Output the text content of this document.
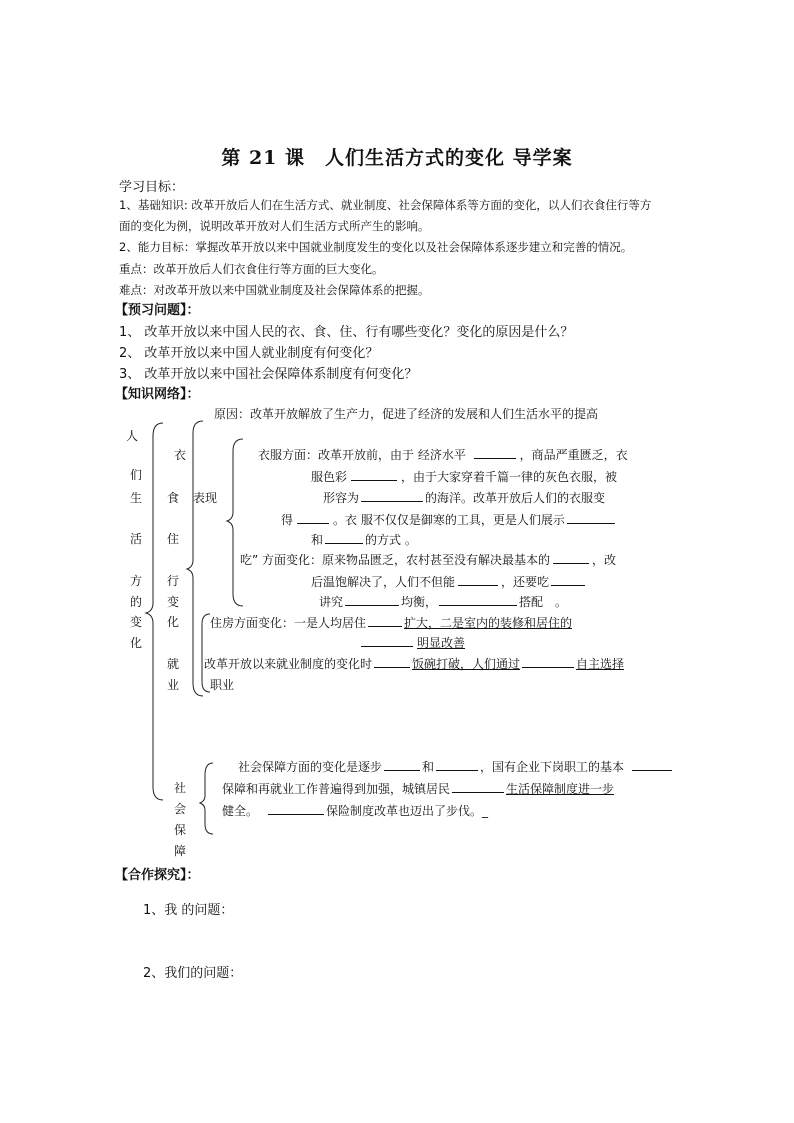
第 21 课　人们生活方式的变化 导学案
学习目标：
1、基础知识: 改革开放后人们在生活方式、就业制度、社会保障体系等方面的变化，以人们衣食住行等方
面的变化为例，说明改革开放对人们生活方式所产生的影响。
2、能力目标：掌握改革开放以来中国就业制度发生的变化以及社会保障体系逐步建立和完善的情况。
重点：改革开放后人们衣食住行等方面的巨大变化。
难点：对改革开放以来中国就业制度及社会保障体系的把握。
【预习问题】：
1、 改革开放以来中国人民的衣、食、住、行有哪些变化？变化的原因是什么？
2、 改革开放以来中国人就业制度有何变化？
3、 改革开放以来中国社会保障体系制度有何变化？
【知识网络】：
原因：改革开放解放了生产力，促进了经济的发展和人们生活水平的提高
人
们
生
活
方
的
变
化
衣
食
住
行
变
化
表现
就
业
社
会
保
障
衣服方面：改革开放前，由于 经济水平	，商品严重匮乏，衣
服色彩	，由于大家穿着千篇一律的灰色衣服，被
形容为	的海洋。改革开放后人们的衣服变
得	。衣 服不仅仅是御寒的工具，更是人们展示
和	的方式 。
吃” 方面变化：原来物品匮乏，农村甚至没有解决最基本的	，改
后温饱解决了，人们不但能	，还要吃
讲究	均衡，	搭配 。
住房方面变化：一是人均居住	扩大，二是室内的装修和居住的
明显改善
改革开放以来就业制度的变化时	饭碗打破，人们通过	自主选择
职业
社会保障方面的变化是逐步	和	，国有企业下岗职工的基本
保障和再就业工作普遍得到加强，城镇居民	生活保障制度进一步
健全。	保险制度改革也迈出了步伐。_
【合作探究】：
1、我 的问题：
2、我们的问题：
